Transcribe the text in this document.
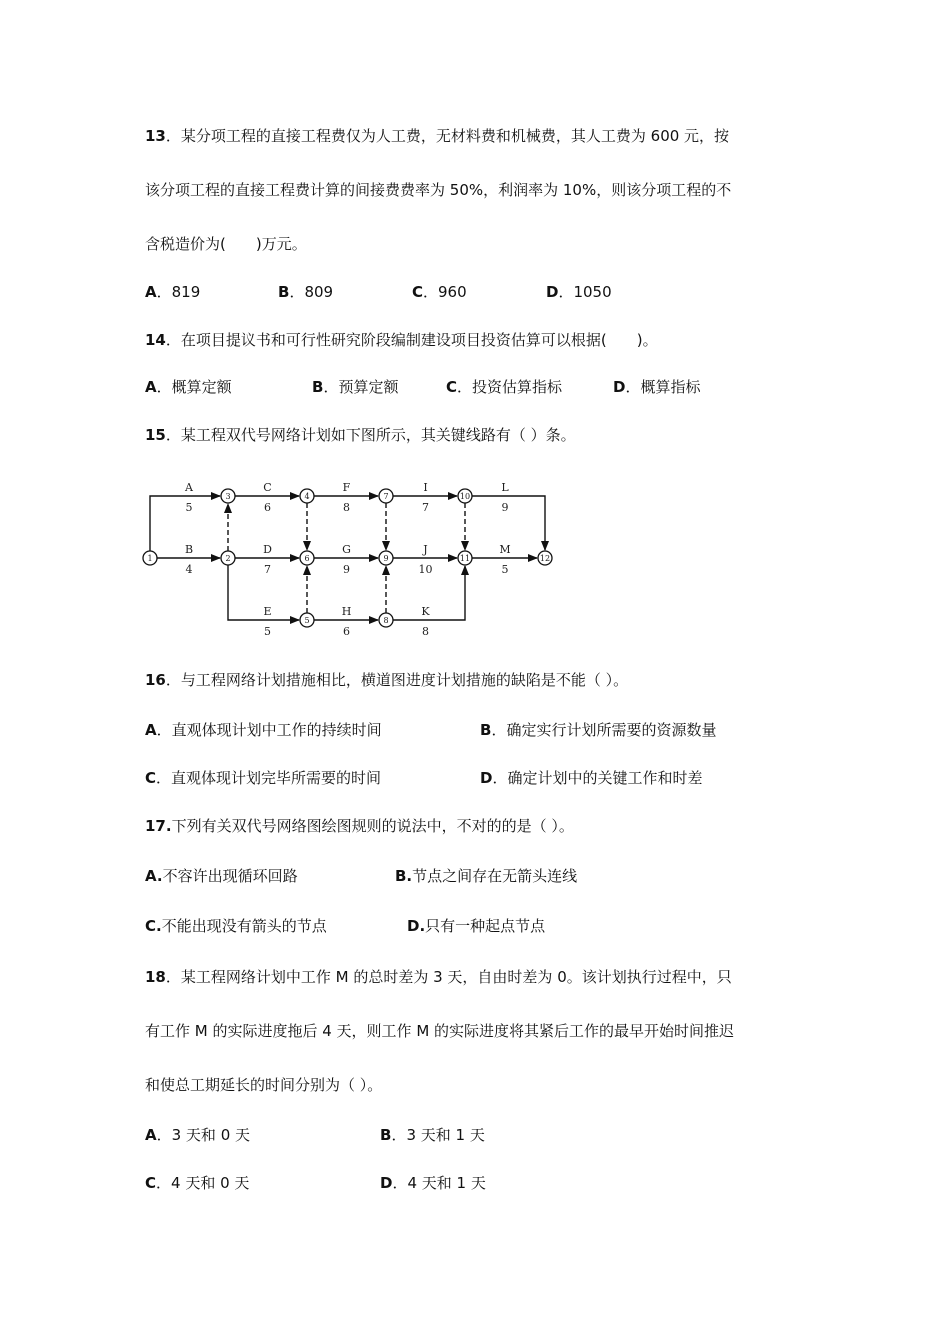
13．某分项工程的直接工程费仅为人工费，无材料费和机械费，其人工费为 600 元，按
该分项工程的直接工程费计算的间接费费率为 50%，利润率为 10%，则该分项工程的不
含税造价为(　　)万元。
A．819	B．809	C．960	D．1050
14．在项目提议书和可行性研究阶段编制建设项目投资估算可以根据(　　)。
A．概算定额	B．预算定额	C．投资估算指标	D．概算指标
15．某工程双代号网络计划如下图所示，其关键线路有（ ）条。
A
5
B
4
C
6
D
7
E
5
F
8
G
9
H
6
I
7
J
10
K
8
L
9
M
5
1	2
3	4
5
6
7
8
9
10
11	12
16．与工程网络计划措施相比，横道图进度计划措施的缺陷是不能（ ）。
A．直观体现计划中工作的持续时间	B．确定实行计划所需要的资源数量
C．直观体现计划完毕所需要的时间	D．确定计划中的关键工作和时差
17.下列有关双代号网络图绘图规则的说法中，不对的的是（ ）。
A.不容许出现循环回路	B.节点之间存在无箭头连线
C.不能出现没有箭头的节点	D.只有一种起点节点
18．某工程网络计划中工作 M 的总时差为 3 天，自由时差为 0。该计划执行过程中，只
有工作 M 的实际进度拖后 4 天，则工作 M 的实际进度将其紧后工作的最早开始时间推迟
和使总工期延长的时间分别为（ ）。
A．3 天和 0 天	B．3 天和 1 天
C．4 天和 0 天	D．4 天和 1 天
